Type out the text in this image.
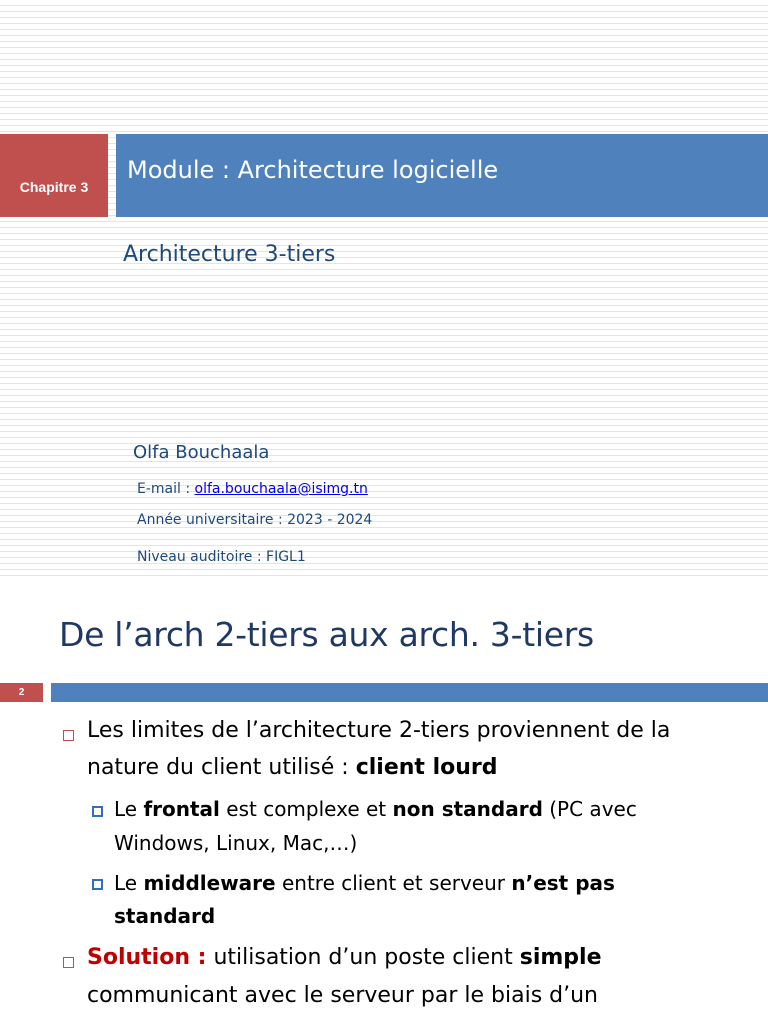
Chapitre 3
Module : Architecture logicielle
Architecture 3-tiers
Olfa Bouchaala
E-mail : olfa.bouchaala@isimg.tn
Année universitaire : 2023 - 2024
Niveau auditoire : FIGL1
De l’arch 2-tiers aux arch. 3-tiers
2
Les limites de l’architecture 2-tiers proviennent de la
nature du client utilisé : client lourd
Le frontal est complexe et non standard (PC avec
Windows, Linux, Mac,…)
Le middleware entre client et serveur n’est pas
standard
Solution : utilisation d’un poste client simple
communicant avec le serveur par le biais d’un
